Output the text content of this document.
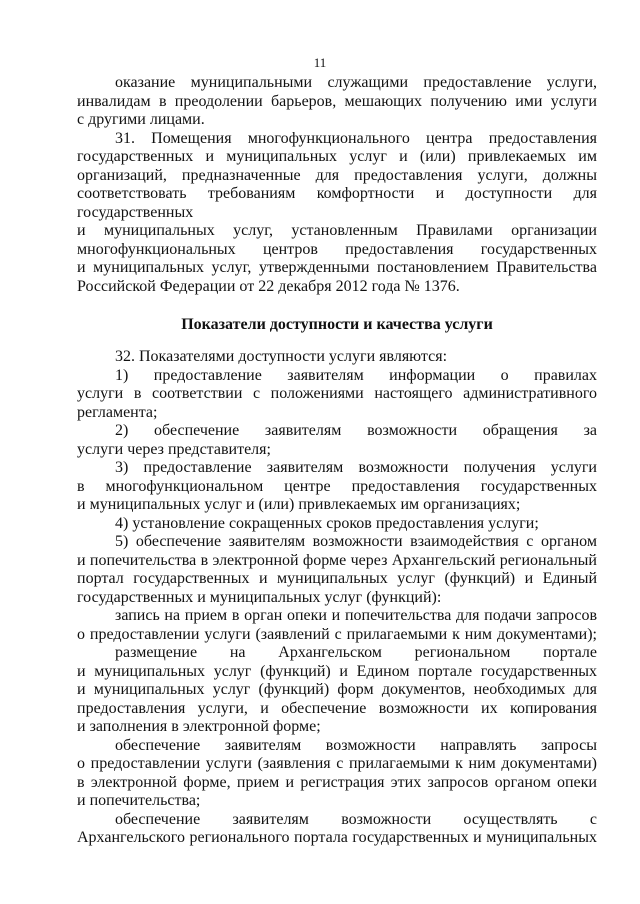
11
оказание муниципальными служащими предоставление услуги,
инвалидам в преодолении барьеров, мешающих получению ими услуги
с другими лицами.
31. Помещения многофункционального центра предоставления
государственных и муниципальных услуг и (или) привлекаемых им
организаций, предназначенные для предоставления услуги, должны
соответствовать требованиям комфортности и доступности для
государственных
и муниципальных услуг, установленным Правилами организации
многофункциональных центров предоставления государственных
и муниципальных услуг, утвержденными постановлением Правительства
Российской Федерации от 22 декабря 2012 года № 1376.
Показатели доступности и качества услуги
32. Показателями доступности услуги являются:
1) предоставление заявителям информации о правилах
услуги в соответствии с положениями настоящего административного
регламента;
2) обеспечение заявителям возможности обращения за
услуги через представителя;
3) предоставление заявителям возможности получения услуги
в многофункциональном центре предоставления государственных
и муниципальных услуг и (или) привлекаемых им организациях;
4) установление сокращенных сроков предоставления услуги;
5) обеспечение заявителям возможности взаимодействия с органом
и попечительства в электронной форме через Архангельский региональный
портал государственных и муниципальных услуг (функций) и Единый
государственных и муниципальных услуг (функций):
запись на прием в орган опеки и попечительства для подачи запросов
о предоставлении услуги (заявлений с прилагаемыми к ним документами);
размещение на Архангельском региональном портале
и муниципальных услуг (функций) и Едином портале государственных
и муниципальных услуг (функций) форм документов, необходимых для
предоставления услуги, и обеспечение возможности их копирования
и заполнения в электронной форме;
обеспечение заявителям возможности направлять запросы
о предоставлении услуги (заявления с прилагаемыми к ним документами)
в электронной форме, прием и регистрация этих запросов органом опеки
и попечительства;
обеспечение заявителям возможности осуществлять с
Архангельского регионального портала государственных и муниципальных
